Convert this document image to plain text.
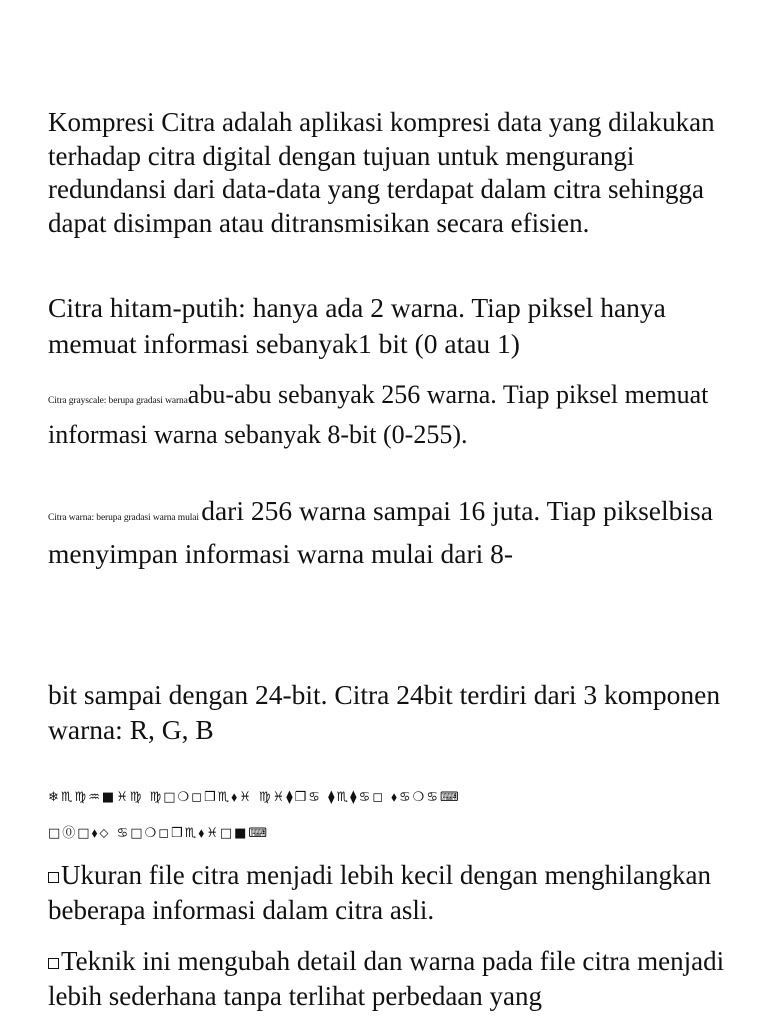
Kompresi Citra adalah aplikasi kompresi data yang dilakukan terhadap citra digital dengan tujuan untuk mengurangi redundansi dari data-data yang terdapat dalam citra sehingga dapat disimpan atau ditransmisikan secara efisien.

Citra hitam-putih: hanya ada 2 warna. Tiap piksel hanya memuat informasi sebanyak1 bit (0 atau 1)

Citra grayscale: berupa gradasi warnaabu-abu sebanyak 256 warna. Tiap piksel memuat informasi warna sebanyak 8-bit (0-255).

Citra warna: berupa gradasi warna mulai dari 256 warna sampai 16 juta. Tiap pikselbisa menyimpan informasi warna mulai dari 8-

bit sampai dengan 24-bit. Citra 24bit terdiri dari 3 komponen warna: R, G, B

❄♏♍♒■♓♍ ♍□❍◻❒♏⬧♓ ♍♓⧫❒♋ ⧫♏⧫♋◻ ⬧♋❍♋⌨
□⓪□⬧⬦ ♋□❍◻❒♏⬧♓□■⌨

Ukuran file citra menjadi lebih kecil dengan menghilangkan beberapa informasi dalam citra asli.

Teknik ini mengubah detail dan warna pada file citra menjadi lebih sederhana tanpa terlihat perbedaan yang
